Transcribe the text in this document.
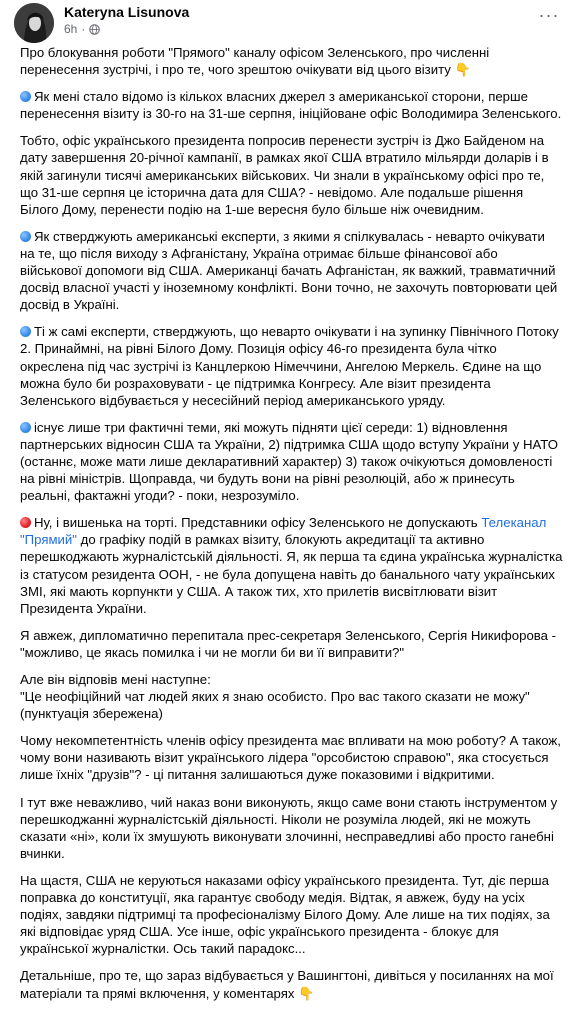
Kateryna Lisunova
6h ·
···

Про блокування роботи "Прямого" каналу офісом Зеленського, про численні перенесення зустрічі, і про те, чого зрештою очікувати від цього візиту 👇

Як мені стало відомо із кількох власних джерел з американської сторони, перше перенесення візиту із 30-го на 31-ше серпня, ініційоване офіс Володимира Зеленського.

Тобто, офіс українського президента попросив перенести зустріч із Джо Байденом на дату завершення 20-річної кампанії, в рамках якої США втратило мільярди доларів і в якій загинули тисячі американських військових. Чи знали в українському офісі про те, що 31-ше серпня це історична дата для США? - невідомо. Але подальше рішення Білого Дому, перенести подію на 1-ше вересня було більше ніж очевидним.

Як стверджують американські експерти, з якими я спілкувалась - неварто очікувати на те, що після виходу з Афганістану, Україна отримає більше фінансової або військової допомоги від США. Американці бачать Афганістан, як важкий, травматичний досвід власної участі у іноземному конфлікті. Вони точно, не захочуть повторювати цей досвід в Україні.

Ті ж самі експерти, стверджують, що неварто очікувати і на зупинку Північного Потоку 2. Принаймні, на рівні Білого Дому. Позиція офісу 46-го президента була чітко окреслена під час зустрічі із Канцлеркою Німеччини, Ангелою Меркель. Єдине на що можна було би розраховувати - це підтримка Конгресу. Але візит президента Зеленського відбувається у несесійний період американського уряду.

існує лише три фактичні теми, які можуть підняти цієї середи: 1) відновлення партнерських відносин США та України, 2) підтримка США щодо вступу України у НАТО (останнє, може мати лише декларативний характер) 3) також очікуються домовленості на рівні міністрів. Щоправда, чи будуть вони на рівні резолюцій, або ж принесуть реальні, фактажні угоди? - поки, незрозуміло.

Ну, і вишенька на торті. Представники офісу Зеленського не допускають Телеканал "Прямий" до графіку подій в рамках візиту, блокують акредитації та активно перешкоджають журналістській діяльності. Я, як перша та єдина українська журналістка із статусом резидента ООН, - не була допущена навіть до банального чату українських ЗМІ, які мають корпункти у США. А також тих, хто прилетів висвітлювати візит Президента України.

Я авжеж, дипломатично перепитала прес-секретаря Зеленського, Сергія Никифорова - "можливо, це якась помилка і чи не могли би ви її виправити?"

Але він відповів мені наступне:
"Це неофіційний чат людей яких я знаю особисто. Про вас такого сказати не можу"
(пунктуація збережена)

Чому некомпетентність членів офісу президента має впливати на мою роботу? А також, чому вони називають візит українського лідера "орсобистою справою", яка стосується лише їхніх "друзів"? - ці питання залишаються дуже показовими і відкритими.

І тут вже неважливо, чий наказ вони виконують, якщо саме вони стають інструментом у перешкоджанні журналістській діяльності. Ніколи не розуміла людей, які не можуть сказати «ні», коли їх змушують виконувати злочинні, несправедливі або просто ганебні вчинки.

На щастя, США не керуються наказами офісу українського президента. Тут, діє перша поправка до конституції, яка гарантує свободу медія. Відтак, я авжеж, буду на усіх подіях, завдяки підтримці та професіоналізму Білого Дому. Але лише на тих подіях, за які відповідає уряд США. Усе інше, офіс українського президента - блокує для української журналістки. Ось такий парадокс...

Детальніше, про те, що зараз відбувається у Вашингтоні, дивіться у посиланнях на мої матеріали та прямі включення, у коментарях 👇
